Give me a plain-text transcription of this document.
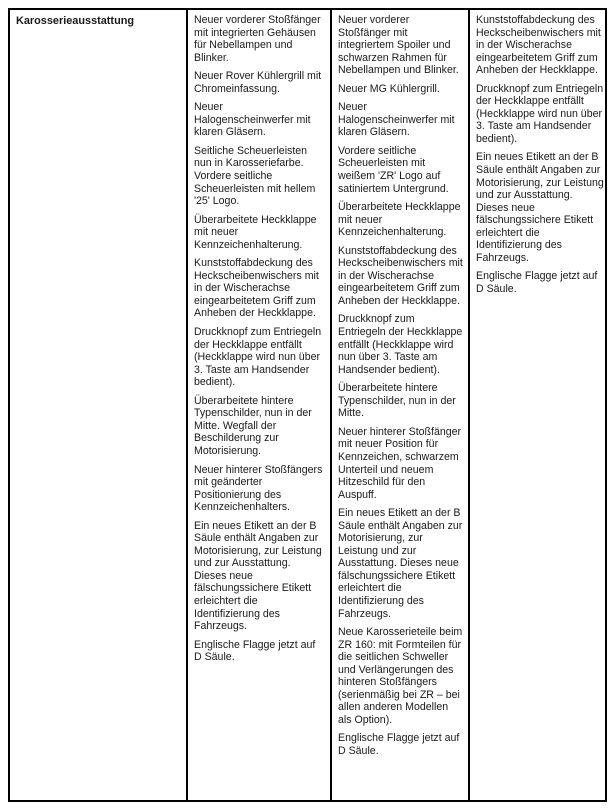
Karosserieausstattung	Neuer vorderer Stoßfänger mit integrierten Gehäusen für Nebellampen und Blinker.

Neuer Rover Kühlergrill mit Chromeinfassung.

Neuer Halogenscheinwerfer mit klaren Gläsern.

Seitliche Scheuerleisten nun in Karosseriefarbe. Vordere seitliche Scheuerleisten mit hellem '25' Logo.

Überarbeitete Heckklappe mit neuer Kennzeichenhalterung.

Kunststoffabdeckung des Heckscheibenwischers mit in der Wischerachse eingearbeitetem Griff zum Anheben der Heckklappe.

Druckknopf zum Entriegeln der Heckklappe entfällt (Heckklappe wird nun über 3. Taste am Handsender bedient).

Überarbeitete hintere Typenschilder, nun in der Mitte. Wegfall der Beschilderung zur Motorisierung.

Neuer hinterer Stoßfängers mit geänderter Positionierung des Kennzeichenhalters.

Ein neues Etikett an der B Säule enthält Angaben zur Motorisierung, zur Leistung und zur Ausstattung. Dieses neue fälschungssichere Etikett erleichtert die Identifizierung des Fahrzeugs.

Englische Flagge jetzt auf D Säule.

Neuer vorderer Stoßfänger mit integriertem Spoiler und schwarzen Rahmen für Nebellampen und Blinker.

Neuer MG Kühlergrill.

Neuer Halogenscheinwerfer mit klaren Gläsern.

Vordere seitliche Scheuerleisten mit weißem 'ZR' Logo auf satiniertem Untergrund.

Überarbeitete Heckklappe mit neuer Kennzeichenhalterung.

Kunststoffabdeckung des Heckscheibenwischers mit in der Wischerachse eingearbeitetem Griff zum Anheben der Heckklappe.

Druckknopf zum Entriegeln der Heckklappe entfällt (Heckklappe wird nun über 3. Taste am Handsender bedient).

Überarbeitete hintere Typenschilder, nun in der Mitte.

Neuer hinterer Stoßfänger mit neuer Position für Kennzeichen, schwarzem Unterteil und neuem Hitzeschild für den Auspuff.

Ein neues Etikett an der B Säule enthält Angaben zur Motorisierung, zur Leistung und zur Ausstattung. Dieses neue fälschungssichere Etikett erleichtert die Identifizierung des Fahrzeugs.

Neue Karosserieteile beim ZR 160: mit Formteilen für die seitlichen Schweller und Verlängerungen des hinteren Stoßfängers (serienmäßig bei ZR – bei allen anderen Modellen als Option).

Englische Flagge jetzt auf D Säule.

Kunststoffabdeckung des Heckscheibenwischers mit in der Wischerachse eingearbeitetem Griff zum Anheben der Heckklappe.

Druckknopf zum Entriegeln der Heckklappe entfällt (Heckklappe wird nun über 3. Taste am Handsender bedient).

Ein neues Etikett an der B Säule enthält Angaben zur Motorisierung, zur Leistung und zur Ausstattung. Dieses neue fälschungssichere Etikett erleichtert die Identifizierung des Fahrzeugs.

Englische Flagge jetzt auf D Säule.
